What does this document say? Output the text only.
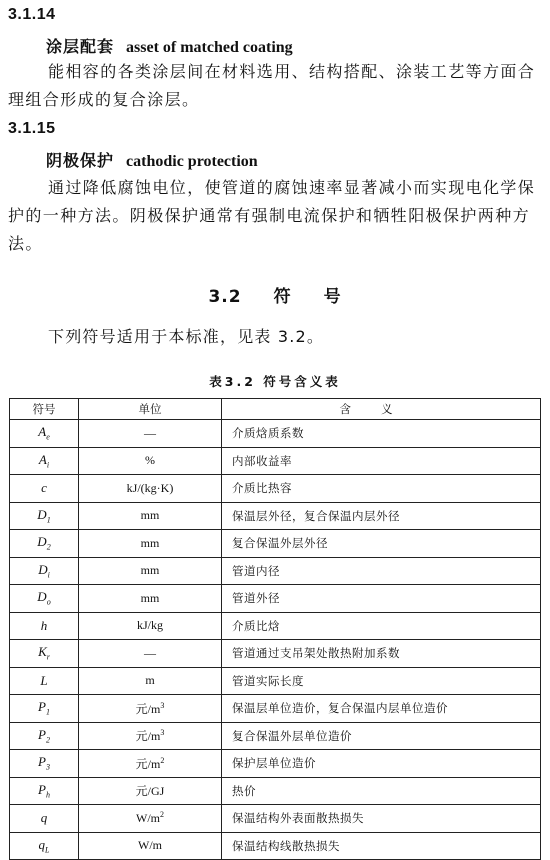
3.1.14
涂层配套 asset of matched coating
能相容的各类涂层间在材料选用、结构搭配、涂装工艺等方面合理组合形成的复合涂层。
3.1.15
阴极保护 cathodic protection
通过降低腐蚀电位，使管道的腐蚀速率显著减小而实现电化学保护的一种方法。阴极保护通常有强制电流保护和牺牲阳极保护两种方法。
3.2 符 号
下列符号适用于本标准，见表 3.2。
表3.2 符号含义表
符号	单位	含义
$A_e$	—	介质焓质系数
$A_i$	%	内部收益率
c	kJ/(kg·K)	介质比热容
$D_1$	mm	保温层外径，复合保温内层外径
$D_2$	mm	复合保温外层外径
$D_i$	mm	管道内径
$D_o$	mm	管道外径
h	kJ/kg	介质比焓
$K_r$	—	管道通过支吊架处散热附加系数
L	m	管道实际长度
$P_1$	元$/m^3$	保温层单位造价，复合保温内层单位造价
$P_2$	元$/m^3$	复合保温外层单位造价
$P_3$	元$/m^2$	保护层单位造价
$P_h$	元/GJ	热价
q	$W/m^2$	保温结构外表面散热损失
$q_L$	W/m	保温结构线散热损失
